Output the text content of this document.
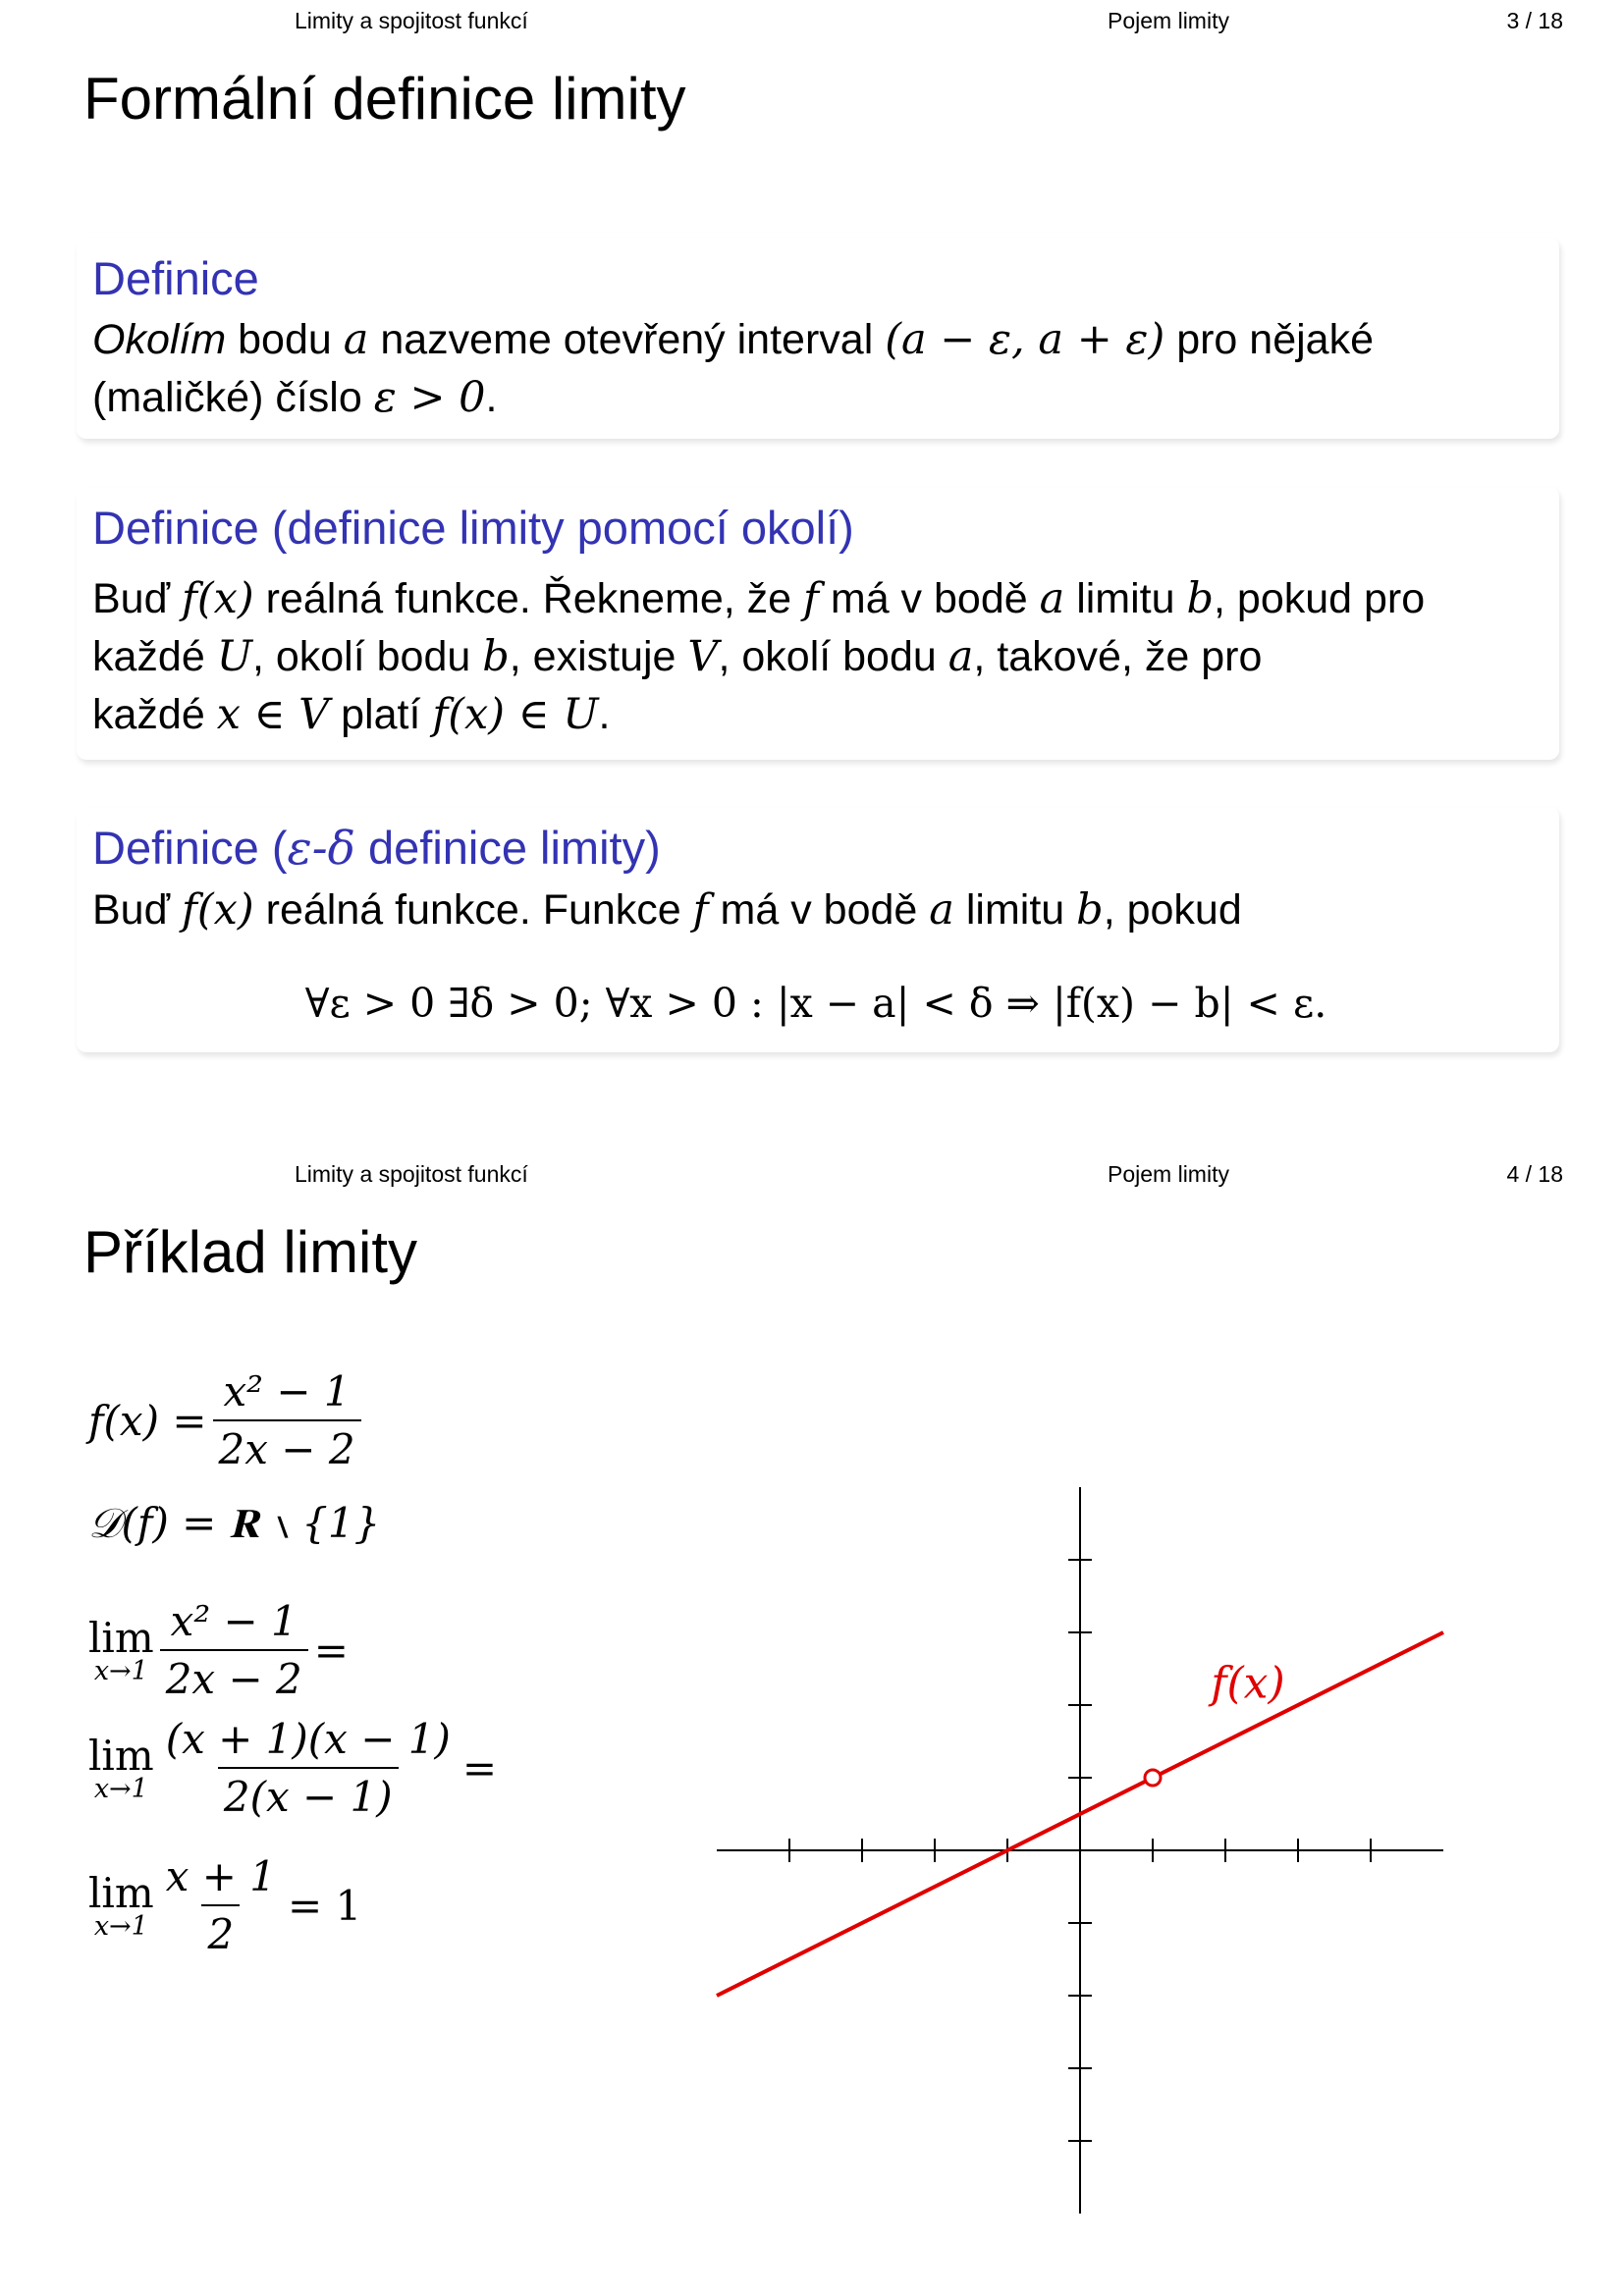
Limity a spojitost funkcí	Pojem limity	3 / 18
Formální definice limity
Definice
Okolím bodu a nazveme otevřený interval (a − ε, a + ε) pro nějaké
(maličké) číslo ε > 0.
Definice (definice limity pomocí okolí)
Buď f(x) reálná funkce. Řekneme, že f má v bodě a limitu b, pokud pro
každé U, okolí bodu b, existuje V, okolí bodu a, takové, že pro
každé x ∈ V platí f(x) ∈ U.
Definice (ε-δ definice limity)
Buď f(x) reálná funkce. Funkce f má v bodě a limitu b, pokud
∀ε > 0 ∃δ > 0; ∀x > 0 : |x − a| < δ ⇒ |f(x) − b| < ε.
Limity a spojitost funkcí	Pojem limity	4 / 18
Příklad limity
$f(x) = \frac{\text{x² − 1}}{2x - 2}$
𝒟(f) = 𝐑 ∖ {1}
lim
$x\to 1 \frac{\text{x² − 1}}{2x - 2}$ =
lim
$x\to 1 \frac{(x + 1)(x - 1)}{2(x - 1)}$ =
lim
$x\to 1 \frac{x + 1}{2} = 1$
f(x)
